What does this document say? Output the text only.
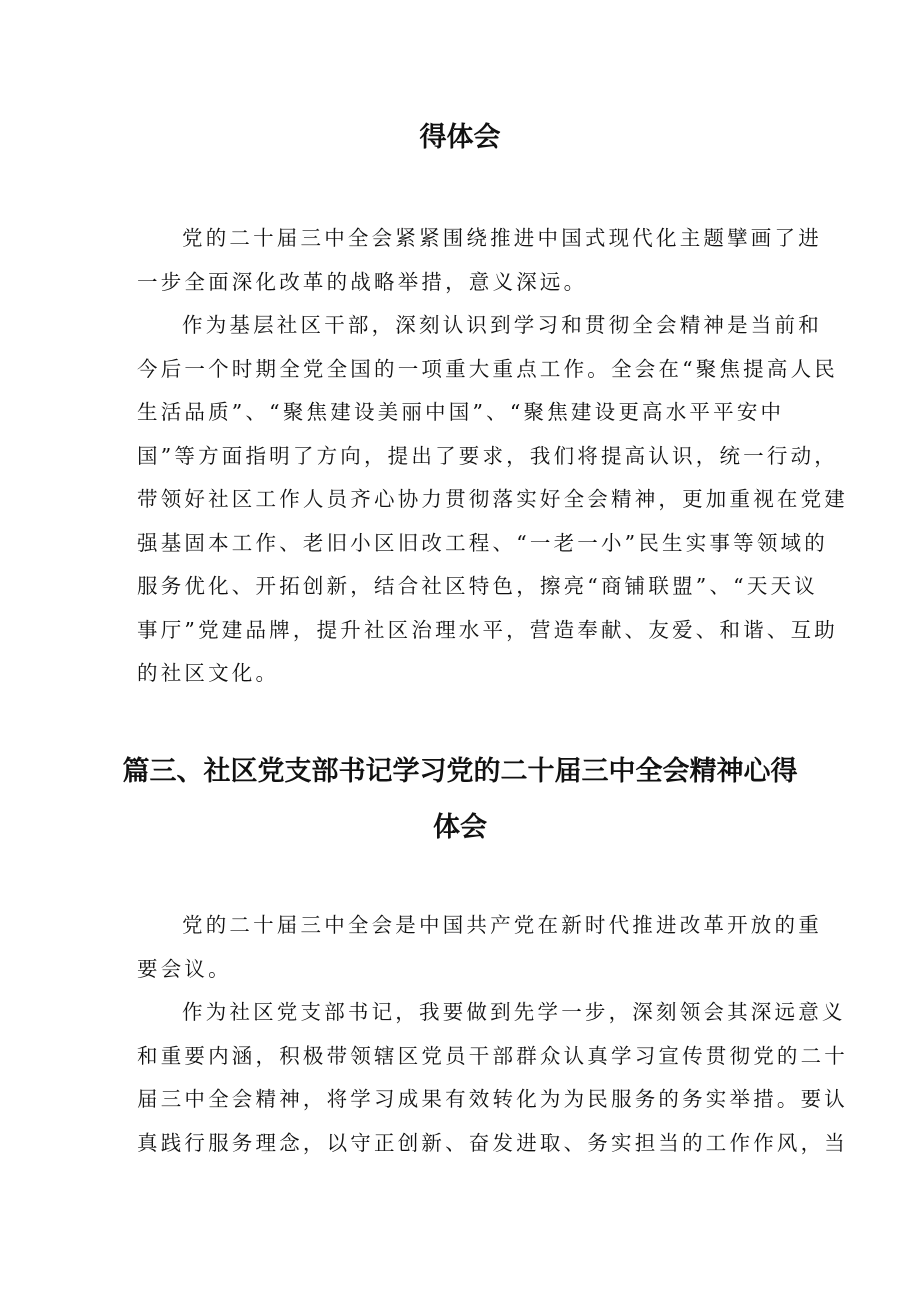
得体会
党的二十届三中全会紧紧围绕推进中国式现代化主题擘画了进
一步全面深化改革的战略举措，意义深远。
作为基层社区干部，深刻认识到学习和贯彻全会精神是当前和
今后一个时期全党全国的一项重大重点工作。全会在“聚焦提高人民
生活品质”、“聚焦建设美丽中国”、“聚焦建设更高水平平安中
国”等方面指明了方向，提出了要求，我们将提高认识，统一行动，
带领好社区工作人员齐心协力贯彻落实好全会精神，更加重视在党建
强基固本工作、老旧小区旧改工程、“一老一小”民生实事等领域的
服务优化、开拓创新，结合社区特色，擦亮“商铺联盟”、“天天议
事厅”党建品牌，提升社区治理水平，营造奉献、友爱、和谐、互助
的社区文化。
篇三、社区党支部书记学习党的二十届三中全会精神心得
体会
党的二十届三中全会是中国共产党在新时代推进改革开放的重
要会议。
作为社区党支部书记，我要做到先学一步，深刻领会其深远意义
和重要内涵，积极带领辖区党员干部群众认真学习宣传贯彻党的二十
届三中全会精神，将学习成果有效转化为为民服务的务实举措。要认
真践行服务理念，以守正创新、奋发进取、务实担当的工作作风，当
